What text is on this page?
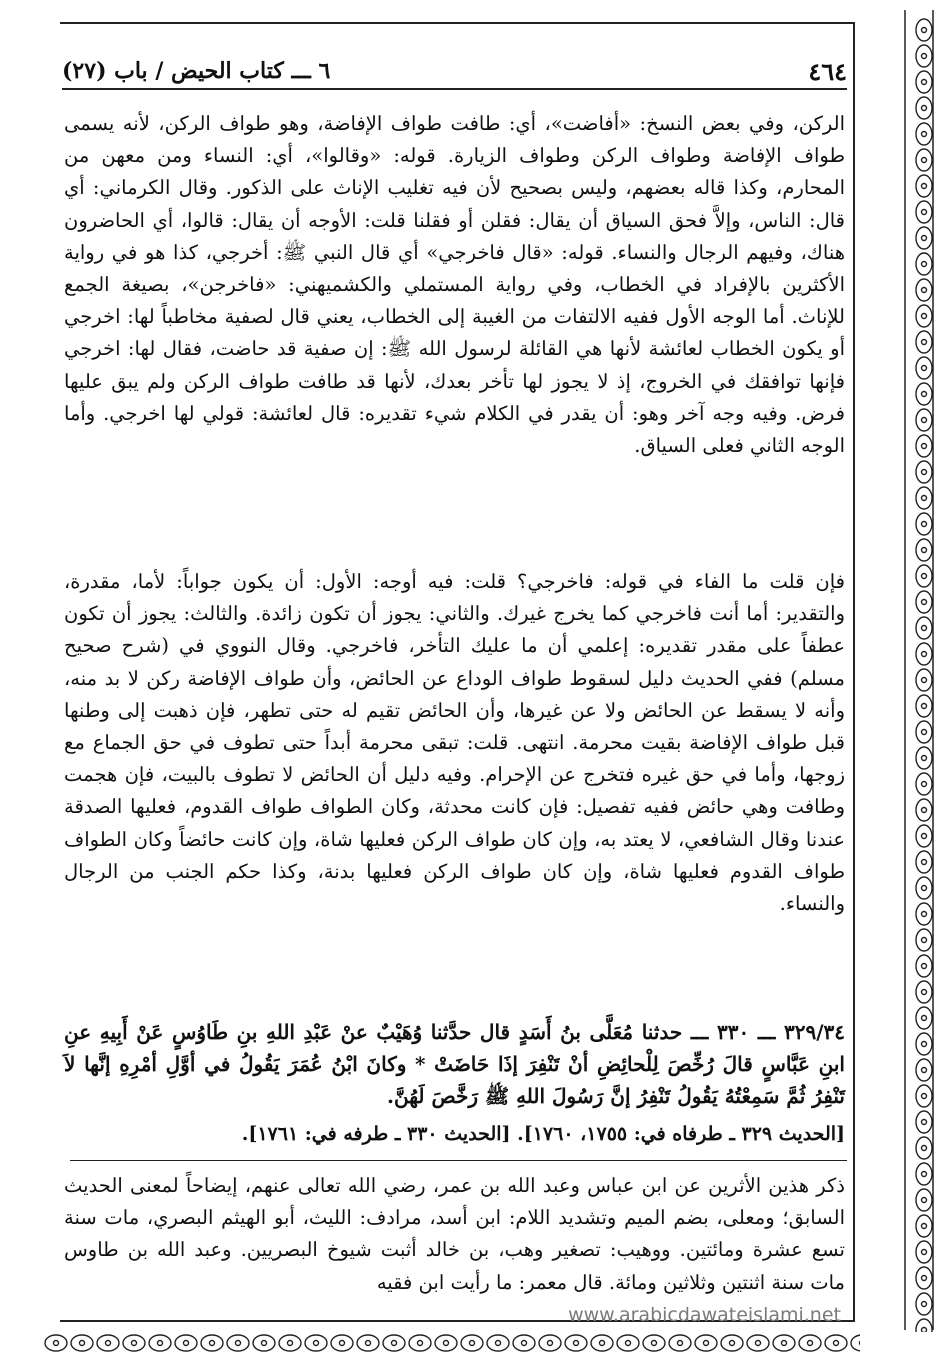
٤٦٤
٦ ـــ كتاب الحيض / باب (٢٧)

الركن، وفي بعض النسخ: «أفاضت»، أي: طافت طواف الإفاضة، وهو طواف الركن، لأنه يسمى طواف الإفاضة وطواف الركن وطواف الزيارة. قوله: «وقالوا»، أي: النساء ومن معهن من المحارم، وكذا قاله بعضهم، وليس بصحيح لأن فيه تغليب الإناث على الذكور. وقال الكرماني: أي قال: الناس، وإلاَّ فحق السياق أن يقال: فقلن أو فقلنا قلت: الأوجه أن يقال: قالوا، أي الحاضرون هناك، وفيهم الرجال والنساء. قوله: «قال فاخرجي» أي قال النبي ﷺ: أخرجي، كذا هو في رواية الأكثرين بالإفراد في الخطاب، وفي رواية المستملي والكشميهني: «فاخرجن»، بصيغة الجمع للإناث. أما الوجه الأول ففيه الالتفات من الغيبة إلى الخطاب، يعني قال لصفية مخاطباً لها: اخرجي أو يكون الخطاب لعائشة لأنها هي القائلة لرسول الله ﷺ: إن صفية قد حاضت، فقال لها: اخرجي فإنها توافقك في الخروج، إذ لا يجوز لها تأخر بعدك، لأنها قد طافت طواف الركن ولم يبق عليها فرض. وفيه وجه آخر وهو: أن يقدر في الكلام شيء تقديره: قال لعائشة: قولي لها اخرجي. وأما الوجه الثاني فعلى السياق.

فإن قلت ما الفاء في قوله: فاخرجي؟ قلت: فيه أوجه: الأول: أن يكون جواباً: لأما، مقدرة، والتقدير: أما أنت فاخرجي كما يخرج غيرك. والثاني: يجوز أن تكون زائدة. والثالث: يجوز أن تكون عطفاً على مقدر تقديره: إعلمي أن ما عليك التأخر، فاخرجي. وقال النووي في (شرح صحيح مسلم) ففي الحديث دليل لسقوط طواف الوداع عن الحائض، وأن طواف الإفاضة ركن لا بد منه، وأنه لا يسقط عن الحائض ولا عن غيرها، وأن الحائض تقيم له حتى تطهر، فإن ذهبت إلى وطنها قبل طواف الإفاضة بقيت محرمة. انتهى. قلت: تبقى محرمة أبداً حتى تطوف في حق الجماع مع زوجها، وأما في حق غيره فتخرج عن الإحرام. وفيه دليل أن الحائض لا تطوف بالبيت، فإن هجمت وطافت وهي حائض ففيه تفصيل: فإن كانت محدثة، وكان الطواف طواف القدوم، فعليها الصدقة عندنا وقال الشافعي، لا يعتد به، وإن كان طواف الركن فعليها شاة، وإن كانت حائضاً وكان الطواف طواف القدوم فعليها شاة، وإن كان طواف الركن فعليها بدنة، وكذا حكم الجنب من الرجال والنساء.

٣٢٩/٣٤ ـــ ٣٣٠ ـــ حدثنا مُعَلَّى بنُ أَسَدٍ قال حدَّثنا وُهَيْبٌ عنْ عَبْدِ اللهِ بنِ طَاوُسٍ عَنْ أَبِيهِ عنِ ابنِ عَبَّاسٍ قالَ رُخِّصَ لِلْحائِضِ أنْ تَنْفِرَ إذَا حَاضَتْ * وكانَ ابْنُ عُمَرَ يَقُولُ في أوَّلِ أمْرِهِ إنَّها لاَ تَنْفِرُ ثُمَّ سَمِعْتُهُ يَقُولُ تَنْفِرُ إنَّ رَسُولَ اللهِ ﷺ رَخَّصَ لَهُنَّ.

[الحديث ٣٢٩ ـ طرفاه في: ١٧٥٥، ١٧٦٠]. [الحديث ٣٣٠ ـ طرفه في: ١٧٦١].

ذكر هذين الأثرين عن ابن عباس وعبد الله بن عمر، رضي الله تعالى عنهم، إيضاحاً لمعنى الحديث السابق؛ ومعلى، بضم الميم وتشديد اللام: ابن أسد، مرادف: الليث، أبو الهيثم البصري، مات سنة تسع عشرة ومائتين. ووهيب: تصغير وهب، بن خالد أثبت شيوخ البصريين. وعبد الله بن طاوس مات سنة اثنتين وثلاثين ومائة. قال معمر: ما رأيت ابن فقيه

www.arabicdawateislami.net
